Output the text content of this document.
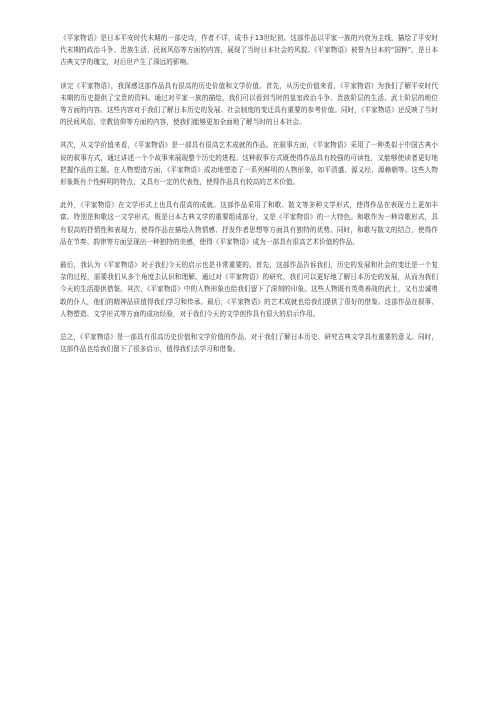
《平家物语》是日本平安时代末期的一部史诗，作者不详，成书于13世纪初。这部作品以平家一族的兴衰为主线，描绘了平安时代末期的政治斗争、贵族生活、民间风俗等方面的内容，展现了当时日本社会的风貌。《平家物语》被誉为日本的“国粹”，是日本古典文学的瑰宝，对后世产生了深远的影响。

读完《平家物语》，我深感这部作品具有很高的历史价值和文学价值。首先，从历史价值来看，《平家物语》为我们了解平安时代末期的历史提供了宝贵的资料。通过对平家一族的描绘，我们可以看到当时的皇室政治斗争、贵族阶层的生活、武士阶层的地位等方面的内容。这些内容对于我们了解日本历史的发展、社会制度的变迁具有重要的参考价值。同时，《平家物语》还反映了当时的民间风俗、宗教信仰等方面的内容，使我们能够更加全面地了解当时的日本社会。

其次，从文学价值来看，《平家物语》是一部具有很高艺术成就的作品。在叙事方面，《平家物语》采用了一种类似于中国古典小说的叙事方式，通过讲述一个个故事来展现整个历史的进程。这种叙事方式既使得作品具有较强的可读性，又能够使读者更好地把握作品的主题。在人物塑造方面，《平家物语》成功地塑造了一系列鲜明的人物形象，如平清盛、源义经、源赖朝等。这些人物形象既有个性鲜明的特点，又具有一定的代表性，使得作品具有较高的艺术价值。

此外，《平家物语》在文学形式上也具有很高的成就。这部作品采用了和歌、散文等多种文学形式，使得作品在表现力上更加丰富。特别是和歌这一文学形式，既是日本古典文学的重要组成部分，又是《平家物语》的一大特色。和歌作为一种诗歌形式，具有很高的抒情性和表现力，使得作品在描绘人物情感、抒发作者思想等方面具有独特的优势。同时，和歌与散文的结合，使得作品在节奏、韵律等方面呈现出一种独特的美感，使得《平家物语》成为一部具有很高艺术价值的作品。

最后，我认为《平家物语》对于我们今天的启示也是非常重要的。首先，这部作品告诉我们，历史的发展和社会的变迁是一个复杂的过程，需要我们从多个角度去认识和理解。通过对《平家物语》的研究，我们可以更好地了解日本历史的发展，从而为我们今天的生活提供借鉴。其次，《平家物语》中的人物形象也给我们留下了深刻的印象。这些人物既有英勇善战的武士，又有忠诚勇敢的仆人，他们的精神品质值得我们学习和传承。最后，《平家物语》的艺术成就也给我们提供了很好的借鉴。这部作品在叙事、人物塑造、文学形式等方面的成功经验，对于我们今天的文学创作具有很大的启示作用。

总之，《平家物语》是一部具有很高历史价值和文学价值的作品，对于我们了解日本历史、研究古典文学具有重要的意义。同时，这部作品也给我们留下了很多启示，值得我们去学习和借鉴。
